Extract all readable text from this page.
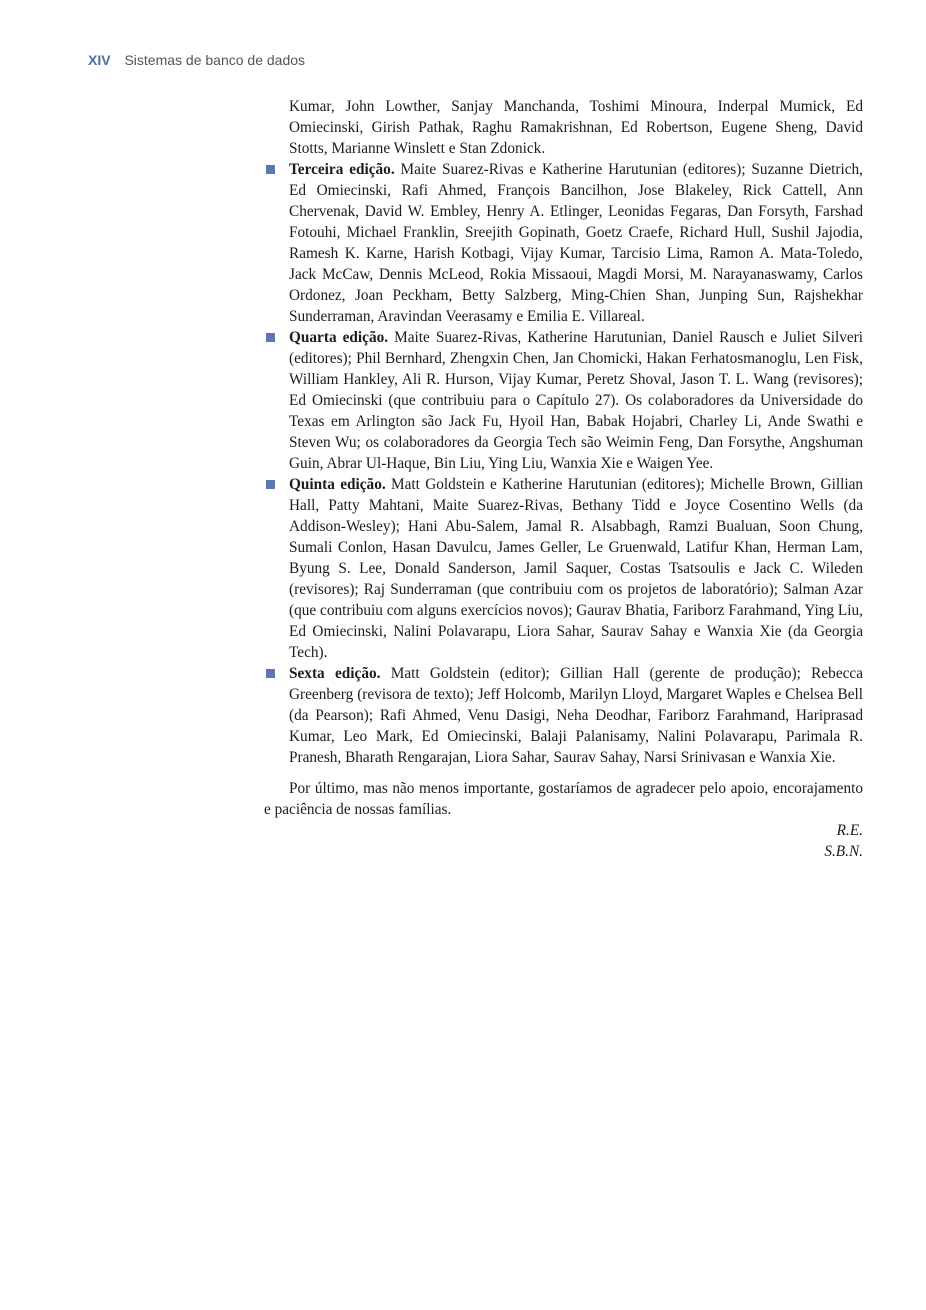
XIV Sistemas de banco de dados

Kumar, John Lowther, Sanjay Manchanda, Toshimi Minoura, Inderpal Mumick, Ed Omiecinski, Girish Pathak, Raghu Ramakrishnan, Ed Robertson, Eugene Sheng, David Stotts, Marianne Winslett e Stan Zdonick.

Terceira edição. Maite Suarez-Rivas e Katherine Harutunian (editores); Suzanne Dietrich, Ed Omiecinski, Rafi Ahmed, François Bancilhon, Jose Blakeley, Rick Cattell, Ann Chervenak, David W. Embley, Henry A. Etlinger, Leonidas Fegaras, Dan Forsyth, Farshad Fotouhi, Michael Franklin, Sreejith Gopinath, Goetz Craefe, Richard Hull, Sushil Jajodia, Ramesh K. Karne, Harish Kotbagi, Vijay Kumar, Tarcisio Lima, Ramon A. Mata-Toledo, Jack McCaw, Dennis McLeod, Rokia Missaoui, Magdi Morsi, M. Narayanaswamy, Carlos Ordonez, Joan Peckham, Betty Salzberg, Ming-Chien Shan, Junping Sun, Rajshekhar Sunderraman, Aravindan Veerasamy e Emilia E. Villareal.

Quarta edição. Maite Suarez-Rivas, Katherine Harutunian, Daniel Rausch e Juliet Silveri (editores); Phil Bernhard, Zhengxin Chen, Jan Chomicki, Hakan Ferhatosmanoglu, Len Fisk, William Hankley, Ali R. Hurson, Vijay Kumar, Peretz Shoval, Jason T. L. Wang (revisores); Ed Omiecinski (que contribuiu para o Capítulo 27). Os colaboradores da Universidade do Texas em Arlington são Jack Fu, Hyoil Han, Babak Hojabri, Charley Li, Ande Swathi e Steven Wu; os colaboradores da Georgia Tech são Weimin Feng, Dan Forsythe, Angshuman Guin, Abrar Ul-Haque, Bin Liu, Ying Liu, Wanxia Xie e Waigen Yee.

Quinta edição. Matt Goldstein e Katherine Harutunian (editores); Michelle Brown, Gillian Hall, Patty Mahtani, Maite Suarez-Rivas, Bethany Tidd e Joyce Cosentino Wells (da Addison-Wesley); Hani Abu-Salem, Jamal R. Alsabbagh, Ramzi Bualuan, Soon Chung, Sumali Conlon, Hasan Davulcu, James Geller, Le Gruenwald, Latifur Khan, Herman Lam, Byung S. Lee, Donald Sanderson, Jamil Saquer, Costas Tsatsoulis e Jack C. Wileden (revisores); Raj Sunderraman (que contribuiu com os projetos de laboratório); Salman Azar (que contribuiu com alguns exercícios novos); Gaurav Bhatia, Fariborz Farahmand, Ying Liu, Ed Omiecinski, Nalini Polavarapu, Liora Sahar, Saurav Sahay e Wanxia Xie (da Georgia Tech).

Sexta edição. Matt Goldstein (editor); Gillian Hall (gerente de produção); Rebecca Greenberg (revisora de texto); Jeff Holcomb, Marilyn Lloyd, Margaret Waples e Chelsea Bell (da Pearson); Rafi Ahmed, Venu Dasigi, Neha Deodhar, Fariborz Farahmand, Hariprasad Kumar, Leo Mark, Ed Omiecinski, Balaji Palanisamy, Nalini Polavarapu, Parimala R. Pranesh, Bharath Rengarajan, Liora Sahar, Saurav Sahay, Narsi Srinivasan e Wanxia Xie.

Por último, mas não menos importante, gostaríamos de agradecer pelo apoio, encorajamento e paciência de nossas famílias.

R.E.

S.B.N.
